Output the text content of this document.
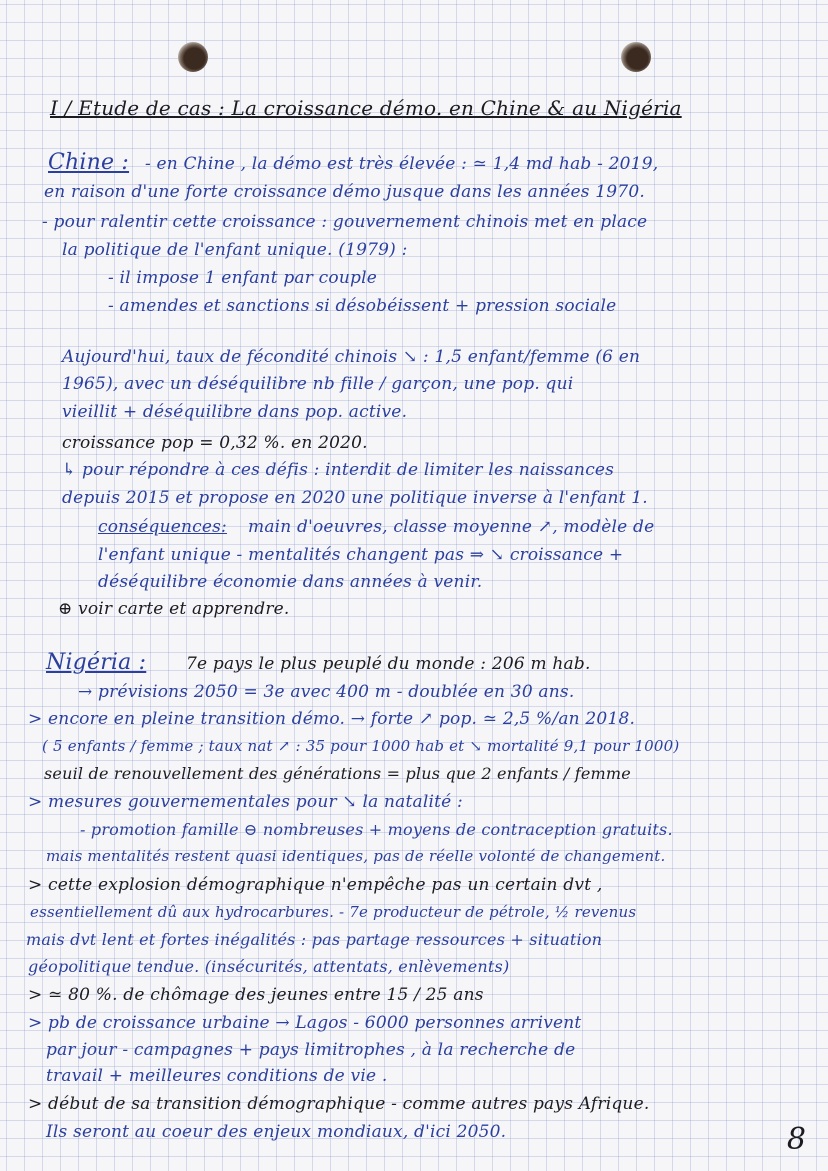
I / Etude de cas : La croissance démo. en Chine & au Nigéria
Chine : - en Chine , la démo est très élevée : ≃ 1,4 md hab - 2019,
en raison d'une forte croissance démo jusque dans les années 1970.
- pour ralentir cette croissance : gouvernement chinois met en place
la politique de l'enfant unique. (1979) :
- il impose 1 enfant par couple
- amendes et sanctions si désobéissent + pression sociale
Aujourd'hui, taux de fécondité chinois ↘ : 1,5 enfant/femme (6 en
1965), avec un déséquilibre nb fille / garçon, une pop. qui
vieillit + déséquilibre dans pop. active.
croissance pop = 0,32 %. en 2020.
↳ pour répondre à ces défis : interdit de limiter les naissances
depuis 2015 et propose en 2020 une politique inverse à l'enfant 1.
conséquences: main d'oeuvres, classe moyenne ↗, modèle de
l'enfant unique - mentalités changent pas ⇒ ↘ croissance +
déséquilibre économie dans années à venir.
⊕ voir carte et apprendre.
Nigéria : 7e pays le plus peuplé du monde : 206 m hab.
→ prévisions 2050 = 3e avec 400 m - doublée en 30 ans.
> encore en pleine transition démo. → forte ↗ pop. ≃ 2,5 %/an 2018.
( 5 enfants / femme ; taux nat ↗ : 35 pour 1000 hab et ↘ mortalité 9,1 pour 1000)
seuil de renouvellement des générations = plus que 2 enfants / femme
> mesures gouvernementales pour ↘ la natalité :
- promotion famille ⊖ nombreuses + moyens de contraception gratuits.
mais mentalités restent quasi identiques, pas de réelle volonté de changement.
> cette explosion démographique n'empêche pas un certain dvt ,
essentiellement dû aux hydrocarbures. - 7e producteur de pétrole, ½ revenus
mais dvt lent et fortes inégalités : pas partage ressources + situation
géopolitique tendue. (insécurités, attentats, enlèvements)
> ≃ 80 %. de chômage des jeunes entre 15 / 25 ans
> pb de croissance urbaine → Lagos - 6000 personnes arrivent
par jour - campagnes + pays limitrophes , à la recherche de
travail + meilleures conditions de vie .
> début de sa transition démographique - comme autres pays Afrique.
Ils seront au coeur des enjeux mondiaux, d'ici 2050.	8
